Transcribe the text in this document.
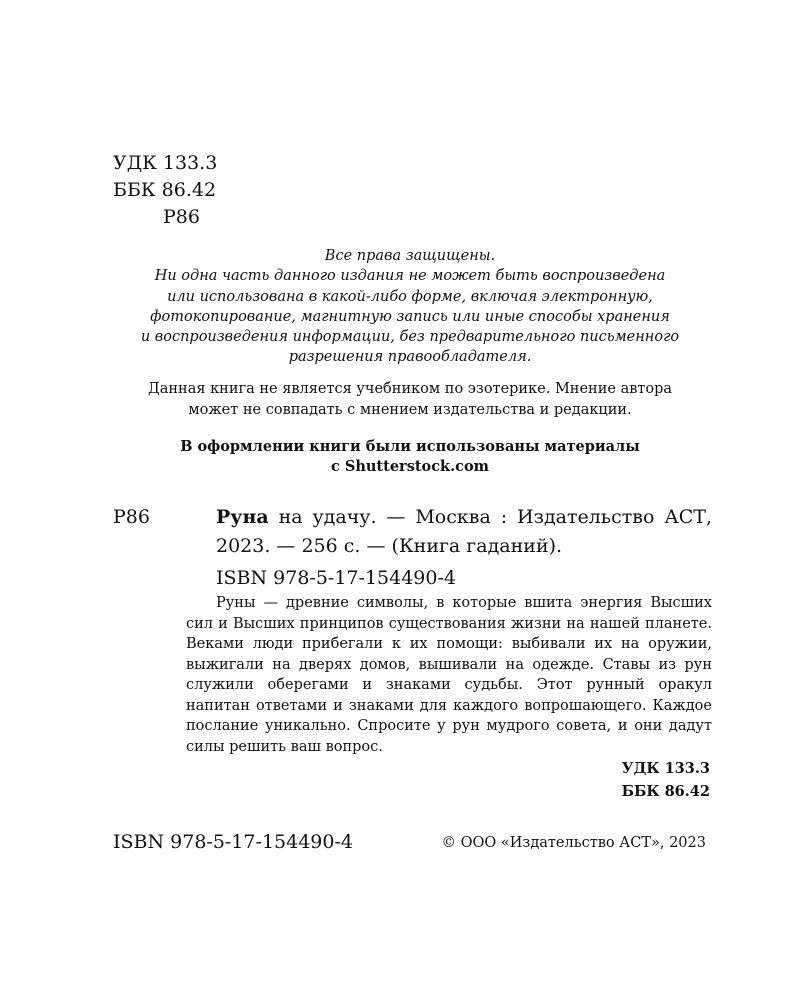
УДК 133.3
ББК 86.42
Р86
Все права защищены.
Ни одна часть данного издания не может быть воспроизведена
или использована в какой-либо форме, включая электронную,
фотокопирование, магнитную запись или иные способы хранения
и воспроизведения информации, без предварительного письменного
разрешения правообладателя.
Данная книга не является учебником по эзотерике. Мнение автора
может не совпадать с мнением издательства и редакции.
В оформлении книги были использованы материалы
с Shutterstock.com
Р86	Руна на удачу. — Москва : Издательство АСТ, 2023. — 256 с. — (Книга гаданий).
ISBN 978-5-17-154490-4

Руны — древние символы, в которые вшита энергия Высших сил и Высших принципов существования жизни на нашей планете. Веками люди прибегали к их помощи: выбивали их на оружии, выжигали на дверях домов, вышивали на одежде. Ставы из рун служили оберегами и знаками судьбы. Этот рунный оракул напитан ответами и знаками для каждого вопрошающего. Каждое послание уникально. Спросите у рун мудрого совета, и они дадут силы решить ваш вопрос.

УДК 133.3
ББК 86.42
ISBN 978-5-17-154490-4	© ООО «Издательство АСТ», 2023
